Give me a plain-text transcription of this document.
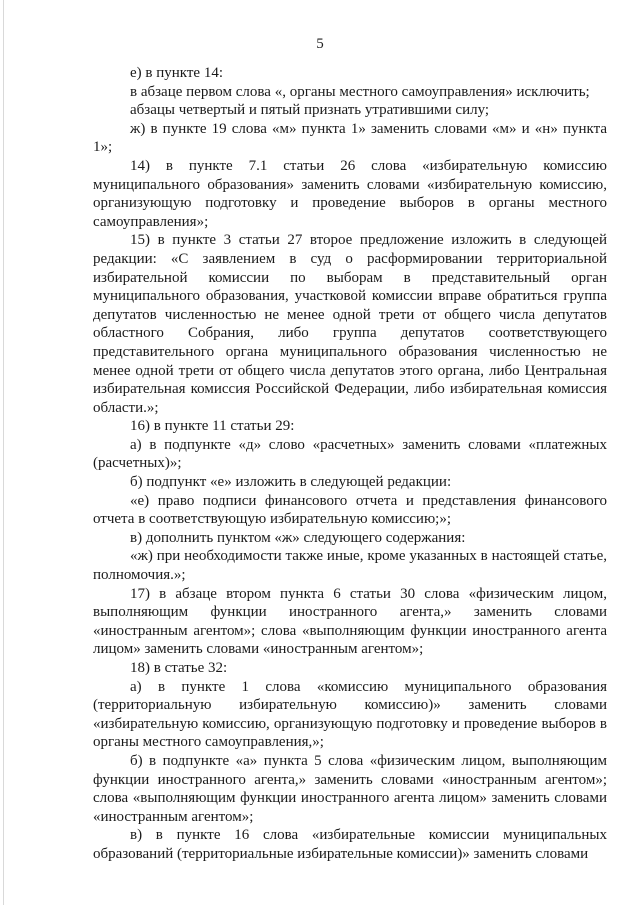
5

е) в пункте 14:

в абзаце первом слова «, органы местного самоуправления» исключить;

абзацы четвертый и пятый признать утратившими силу;

ж) в пункте 19 слова «м» пункта 1» заменить словами «м» и «н» пункта 1»;

14) в пункте 7.1 статьи 26 слова «избирательную комиссию муниципального образования» заменить словами «избирательную комиссию, организующую подготовку и проведение выборов в органы местного самоуправления»;

15) в пункте 3 статьи 27 второе предложение изложить в следующей редакции: «С заявлением в суд о расформировании территориальной избирательной комиссии по выборам в представительный орган муниципального образования, участковой комиссии вправе обратиться группа депутатов численностью не менее одной трети от общего числа депутатов областного Собрания, либо группа депутатов соответствующего представительного органа муниципального образования численностью не менее одной трети от общего числа депутатов этого органа, либо Центральная избирательная комиссия Российской Федерации, либо избирательная комиссия области.»;

16) в пункте 11 статьи 29:

а) в подпункте «д» слово «расчетных» заменить словами «платежных (расчетных)»;

б) подпункт «е» изложить в следующей редакции:

«е) право подписи финансового отчета и представления финансового отчета в соответствующую избирательную комиссию;»;

в) дополнить пунктом «ж» следующего содержания:

«ж) при необходимости также иные, кроме указанных в настоящей статье, полномочия.»;

17) в абзаце втором пункта 6 статьи 30 слова «физическим лицом, выполняющим функции иностранного агента,» заменить словами «иностранным агентом»; слова «выполняющим функции иностранного агента лицом» заменить словами «иностранным агентом»;

18) в статье 32:

а) в пункте 1 слова «комиссию муниципального образования (территориальную избирательную комиссию)» заменить словами «избирательную комиссию, организующую подготовку и проведение выборов в органы местного самоуправления,»;

б) в подпункте «а» пункта 5 слова «физическим лицом, выполняющим функции иностранного агента,» заменить словами «иностранным агентом»; слова «выполняющим функции иностранного агента лицом» заменить словами «иностранным агентом»;

в) в пункте 16 слова «избирательные комиссии муниципальных образований (территориальные избирательные комиссии)» заменить словами
